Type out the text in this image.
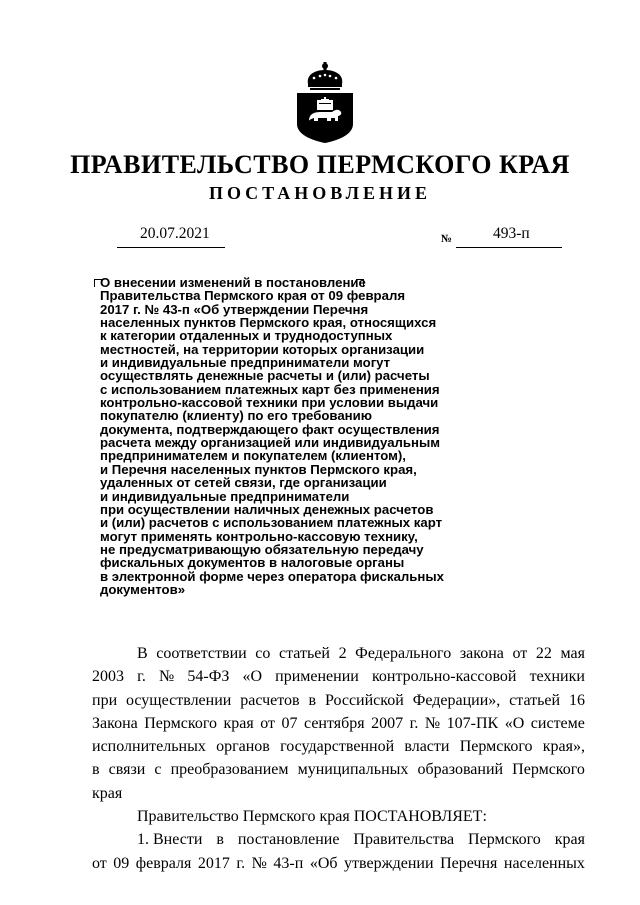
ПРАВИТЕЛЬСТВО ПЕРМСКОГО КРАЯ
ПОСТАНОВЛЕНИЕ
20.07.2021	№	493-п
О внесении изменений в постановление
Правительства Пермского края от 09 февраля
2017 г. № 43-п «Об утверждении Перечня
населенных пунктов Пермского края, относящихся
к категории отдаленных и труднодоступных
местностей, на территории которых организации
и индивидуальные предприниматели могут
осуществлять денежные расчеты и (или) расчеты
с использованием платежных карт без применения
контрольно-кассовой техники при условии выдачи
покупателю (клиенту) по его требованию
документа, подтверждающего факт осуществления
расчета между организацией или индивидуальным
предпринимателем и покупателем (клиентом),
и Перечня населенных пунктов Пермского края,
удаленных от сетей связи, где организации
и индивидуальные предприниматели
при осуществлении наличных денежных расчетов
и (или) расчетов с использованием платежных карт
могут применять контрольно-кассовую технику,
не предусматривающую обязательную передачу
фискальных документов в налоговые органы
в электронной форме через оператора фискальных
документов»
В соответствии со статьей 2 Федерального закона от 22 мая
2003 г. № 54-ФЗ «О применении контрольно-кассовой техники
при осуществлении расчетов в Российской Федерации», статьей 16
Закона Пермского края от 07 сентября 2007 г. № 107-ПК «О системе
исполнительных органов государственной власти Пермского края»,
в связи с преобразованием муниципальных образований Пермского
края
Правительство Пермского края ПОСТАНОВЛЯЕТ:
1. Внести в постановление Правительства Пермского края
от 09 февраля 2017 г. № 43-п «Об утверждении Перечня населенных
